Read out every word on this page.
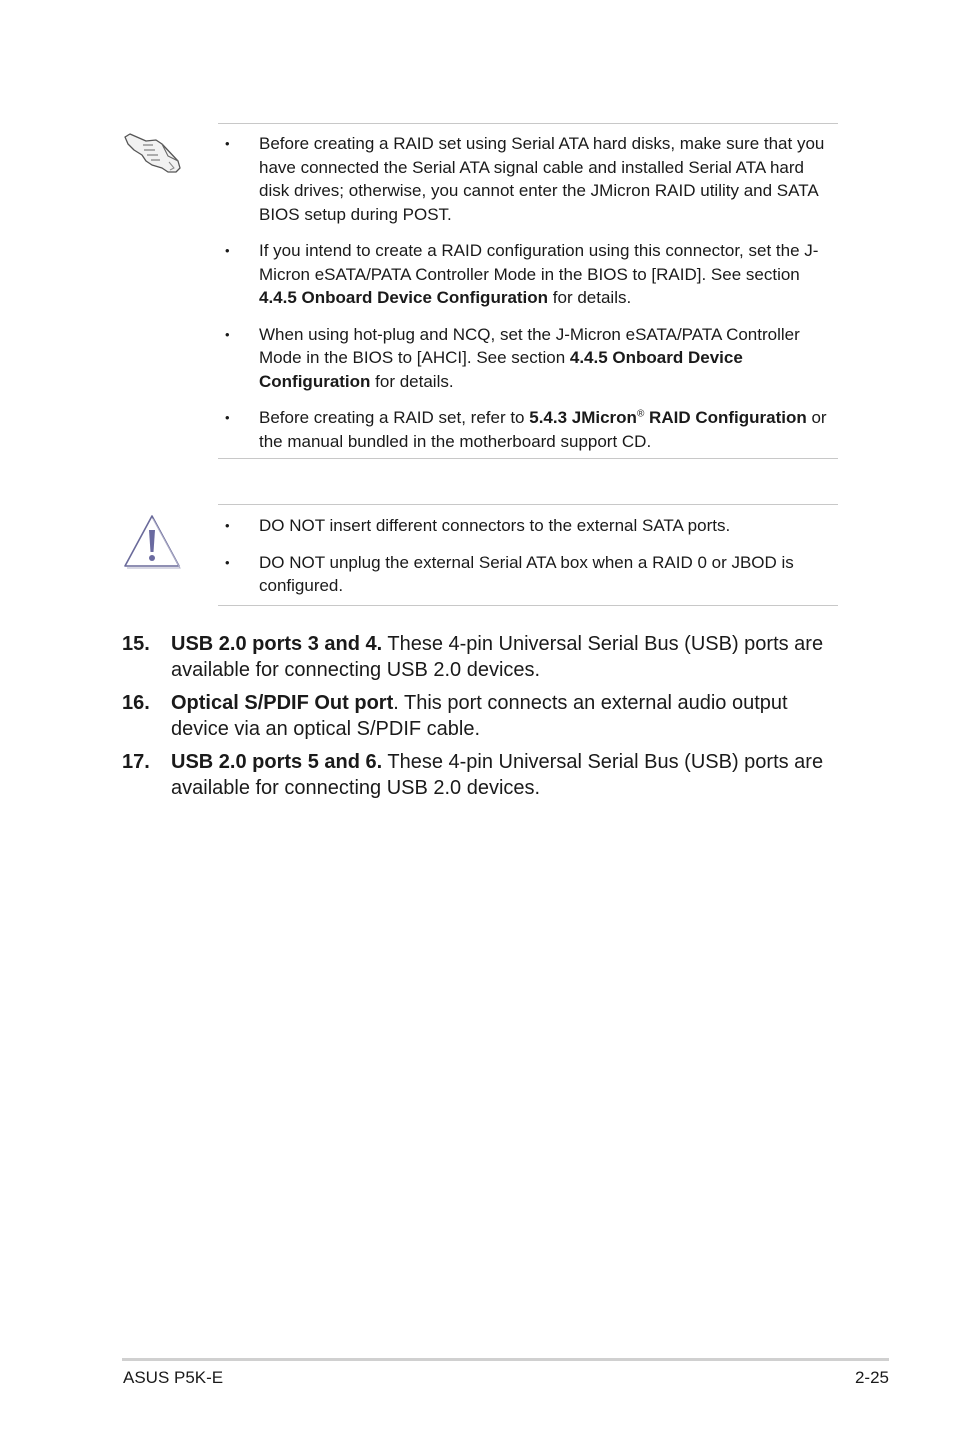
• Before creating a RAID set using Serial ATA hard disks, make sure that you have connected the Serial ATA signal cable and installed Serial ATA hard disk drives; otherwise, you cannot enter the JMicron RAID utility and SATA BIOS setup during POST.
• If you intend to create a RAID configuration using this connector, set the J-Micron eSATA/PATA Controller Mode in the BIOS to [RAID]. See section 4.4.5 Onboard Device Configuration for details.
• When using hot-plug and NCQ, set the J-Micron eSATA/PATA Controller Mode in the BIOS to [AHCI]. See section 4.4.5 Onboard Device Configuration for details.
• Before creating a RAID set, refer to 5.4.3 JMicron® RAID Configuration or the manual bundled in the motherboard support CD.
• DO NOT insert different connectors to the external SATA ports.
• DO NOT unplug the external Serial ATA box when a RAID 0 or JBOD is configured.
15. USB 2.0 ports 3 and 4. These 4-pin Universal Serial Bus (USB) ports are available for connecting USB 2.0 devices.
16. Optical S/PDIF Out port. This port connects an external audio output device via an optical S/PDIF cable.
17. USB 2.0 ports 5 and 6. These 4-pin Universal Serial Bus (USB) ports are available for connecting USB 2.0 devices.
ASUS P5K-E	2-25
